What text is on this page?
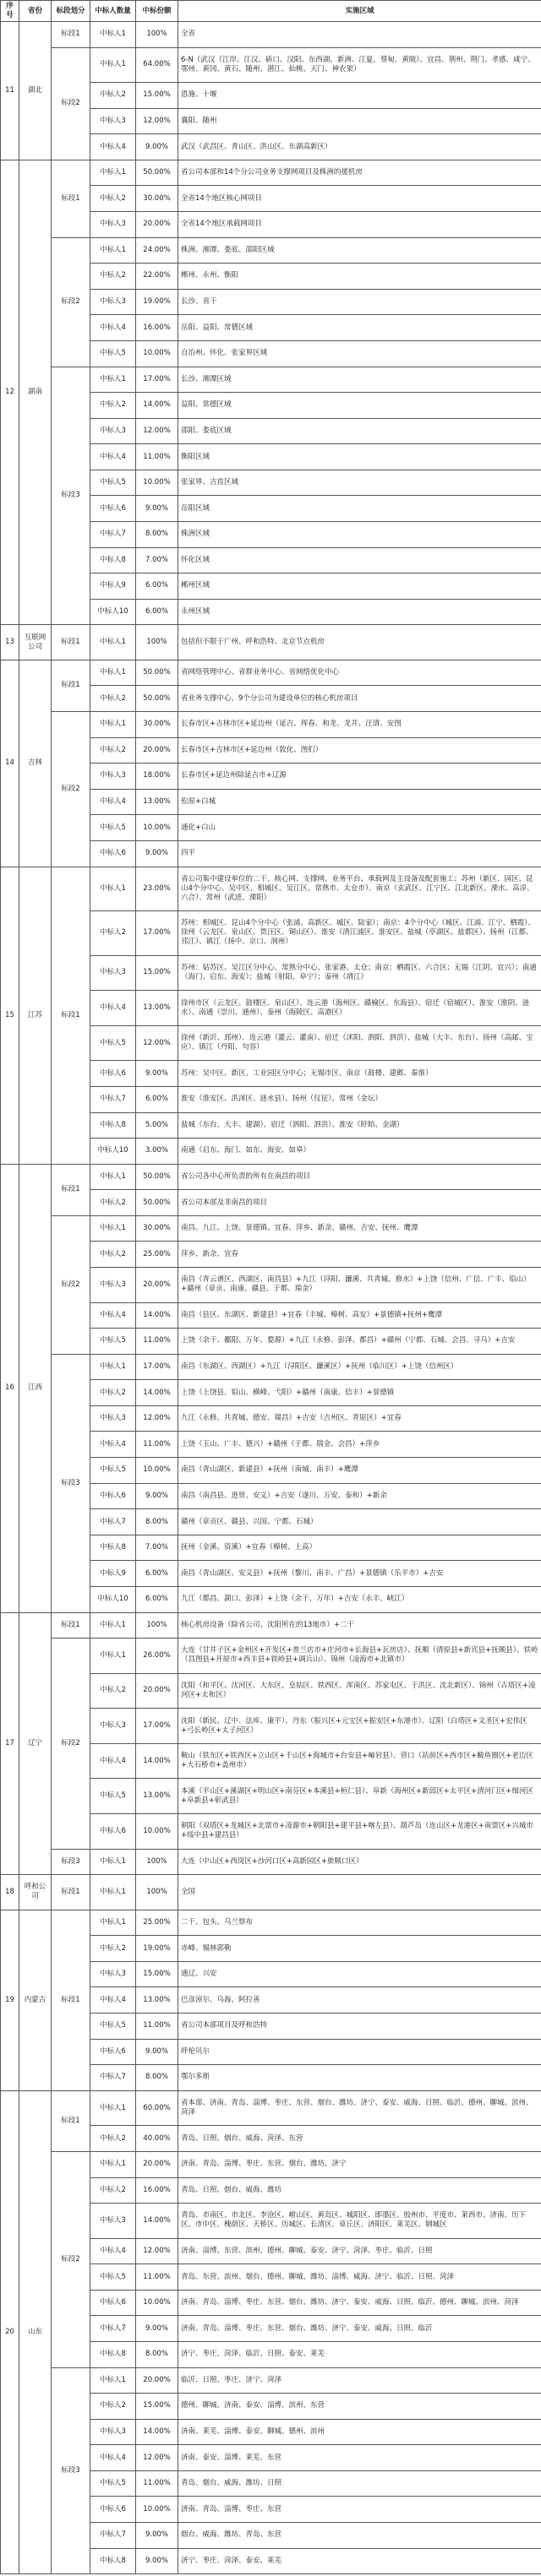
序号	省份	标段划分	中标人数量	中标份额	实施区域
11	湖北	标段1	中标人1	100%	全省
		标段2	中标人1	64.00%	6-N（武汉（江岸、江汉、硚口、汉阳、东西湖、新洲、江夏、蔡甸、黄陂）、宜昌、荆州、荆门、孝感、咸宁、鄂州、黄冈、黄石、随州、潜江、仙桃、天门、神农架）
			中标人2	15.00%	恩施、十堰
			中标人3	12.00%	襄阳、随州
			中标人4	9.00%	武汉（武昌区、青山区、洪山区、东湖高新区）
12	湖南	标段1	中标人1	50.00%	省公司本部和14个分公司业务支撑网项目及株洲的援机房
			中标人2	30.00%	全省14个地区核心网项目
			中标人3	20.00%	全省14个地区承载网项目
		标段2	中标人1	24.00%	株洲、湘潭、娄底、邵阳区域
			中标人2	22.00%	郴州、永州、衡阳
			中标人3	19.00%	长沙、省干
			中标人4	16.00%	岳阳、益阳、常德区域
			中标人5	10.00%	自治州、怀化、张家界区域
		标段3	中标人1	17.00%	长沙、湘潭区域
			中标人2	14.00%	益阳、常德区域
			中标人3	12.00%	邵阳、娄底区域
			中标人4	11.00%	衡阳区域
			中标人5	10.00%	张家界、吉首区域
			中标人6	9.00%	岳阳区域
			中标人7	8.00%	株洲区域
			中标人8	7.00%	怀化区域
			中标人9	6.00%	郴州区域
			中标人10	6.00%	永州区域
13	互联网公司	标段1	中标人1	100%	包括但不限于广州、呼和浩特、北京节点机房
14	吉林	标段1	中标人1	50.00%	省网络管理中心、省群业务中心、省网络优化中心
			中标人2	50.00%	省业务支撑中心，9个分公司为建设单位的核心机房项目
		标段2	中标人1	30.00%	长春市区+吉林市区+延边州（延吉、珲春、和龙、龙井、汪清、安图
			中标人2	20.00%	长春市区+吉林市区+延边州（敦化、图们）
			中标人3	18.00%	长春市区+延边州除延吉市+辽源
			中标人4	13.00%	松原+白城
			中标人5	10.00%	通化+白山
			中标人6	9.00%	四平
15	江苏	标段1	中标人1	23.00%	省公司集中建设单位的二干、核心网、支撑网、业务平台、承载网及主设备及配套施工；苏州（新区、园区、昆山4个分中心、吴中区、相城区、吴江区、常熟市、太仓市）、南京（玄武区、江宁区、江北新区、溧水、高淳、六合）、常州（武进、溧阳）
			中标人2	17.00%	苏州：相城区、昆山4个分中心（张浦、高新区、城区、陆家）；南京：4个分中心（城区、江浦、江宁、栖霞）、徐州（云龙区、泉山区、贾汪区、铜山区）、淮安（清江浦区、淮安区、盐城（亭湖区、盐都区）、扬州（江都、邗江）、镇江（扬中、京口、润州）
			中标人3	15.00%	苏州：姑苏区、吴江区分中心、常熟分中心、张家港、太仓；南京：栖霞区、六合区；无锡（江阴、宜兴）；南通（海门、启东、海安）；盐城（射阳、阜宁）；泰州（靖江）
			中标人4	13.00%	徐州市区（云龙区、鼓楼区、泉山区）、连云港（海州区、赣榆区、东海县）、宿迁（宿城区）、淮安（淮阴、涟水）、南通（崇川、通州）、泰州（海陵区、高港区）
			中标人5	12.00%	徐州（新沂、邳州）、连云港（灌云、灌南）、宿迁（沭阳、泗阳、泗洪）、盐城（大丰、东台）、扬州（高邮、宝应）、镇江（丹阳、句容）
			中标人6	9.00%	苏州：吴中区、新区、工业园区分中心；无锡市区、南京（鼓楼、建邺、秦淮）
			中标人7	6.00%	淮安（淮安区、洪泽区、涟水县）、扬州（仪征）、常州（金坛）
			中标人8	5.00%	盐城（东台、大丰、建湖）、宿迁（泗阳、泗洪）、淮安（盱眙、金湖）
			中标人10	3.00%	南通（启东、海门、如东、海安、如皋）
16	江西	标段1	中标人1	50.00%	省公司各中心所负责的所有在南昌的项目
			中标人2	50.00%	省公司本部及非南昌的项目
		标段2	中标人1	30.00%	南昌、九江、上饶、景德镇、宜春、萍乡、新余、赣州、吉安、抚州、鹰潭
			中标人2	25.00%	萍乡、新余、宜春
			中标人3	20.00%	南昌（青云谱区、西湖区、南昌县）+九江（浔阳、濂溪、共青城、修水）+上饶（信州、广信、广丰、铅山）+赣州（章贡、南康、赣县、于都、瑞金）
			中标人4	14.00%	南昌（县区、东湖区、新建县）+宜春（丰城、樟树、高安）+景德镇+抚州+鹰潭
			中标人5	11.00%	上饶（余干、鄱阳、万年、婺源）+九江（永修、彭泽、都昌）+赣州（宁都、石城、会昌、寻乌）+吉安
		标段3	中标人1	17.00%	南昌（东湖区、西湖区）+九江（浔阳区、濂溪区）+抚州（临川区）+上饶（信州区）
			中标人2	14.00%	上饶（上饶县、铅山、横峰、弋阳）+赣州（南康、信丰）+景德镇
			中标人3	12.00%	九江（永修、共青城、德安、瑞昌）+吉安（吉州区、青原区）+宜春
			中标人4	11.00%	上饶（玉山、广丰、德兴）+赣州（于都、瑞金、会昌）+萍乡
			中标人5	10.00%	南昌（青山湖区、新建县）+抚州（南城、南丰）+鹰潭
			中标人6	9.00%	南昌（南昌县、进贤、安义）+吉安（遂川、万安、泰和）+新余
			中标人7	8.00%	赣州（章贡区、赣县、兴国、宁都、石城）
			中标人8	7.00%	抚州（金溪、资溪）+宜春（樟树、上高）
			中标人9	6.00%	南昌（青山湖区、安义县）+抚州（黎川、南丰、广昌）+景德镇（乐平市）+吉安
			中标人10	6.00%	九江（都昌、湖口、彭泽）+上饶（余干、万年）+吉安（永丰、峡江）
17	辽宁	标段1	中标人1	100%	核心机房设备（除省公司、沈阳所在的13地市）+二干
		标段2	中标人1	26.00%	大连（甘井子区+金州区+开发区+普兰店市+庄河市+长海县+瓦房店）、抚顺（清原县+新宾县+抚顺县）、铁岭（昌图县+开原市+西丰县+铁岭县+调兵山）、锦州（凌海市+北镇市）
			中标人2	20.00%	沈阳（和平区、沈河区、大东区、皇姑区、铁西区、浑南区、苏家屯区、于洪区、沈北新区）、锦州（古塔区+凌河区+太和区）
			中标人3	17.00%	沈阳（新民、辽中、法库、康平）、丹东（振兴区+元宝区+振安区+东港市）、辽阳（白塔区+文圣区+宏伟区+弓长岭区+太子河区）
			中标人4	14.00%	鞍山（铁东区+铁西区+立山区+千山区+海城市+台安县+岫岩县）、营口（站前区+西市区+鲅鱼圈区+老边区+大石桥市+盖州市）
			中标人5	13.00%	本溪（平山区+溪湖区+明山区+南芬区+本溪县+桓仁县）、阜新（海州区+新邱区+太平区+清河门区+细河区+阜新县+彰武县）
			中标人6	10.00%	朝阳（双塔区+龙城区+北票市+凌源市+朝阳县+建平县+喀左县）、葫芦岛（连山区+龙港区+南票区+兴城市+绥中县+建昌县）
		标段3	中标人1	100%	大连（中山区+西岗区+沙河口区+高新园区+旅顺口区）
18	呼和公司	标段1	中标人1	100%	全国
19	内蒙古	标段1	中标人1	25.00%	二干、包头、乌兰察布
			中标人2	19.00%	赤峰、锡林郭勒
			中标人3	15.00%	通辽、兴安
			中标人4	13.00%	巴彦淖尔、乌海、阿拉善
			中标人5	11.00%	省公司本部项目及呼和浩特
			中标人6	9.00%	呼伦贝尔
			中标人7	8.00%	鄂尔多斯
20	山东	标段1	中标人1	60.00%	省本部、济南、青岛、淄博、枣庄、东营、烟台、潍坊、济宁、泰安、威海、日照、临沂、德州、聊城、滨州、菏泽
			中标人2	40.00%	青岛、日照、烟台、威海、菏泽、东营
		标段2	中标人1	20.00%	济南、青岛、淄博、枣庄、东营、烟台、潍坊、济宁
			中标人2	16.00%	青岛、日照、烟台、威海、潍坊
			中标人3	14.00%	青岛、市南区、市北区、李沧区、崂山区、黄岛区、城阳区、即墨区、胶州市、平度市、莱西市、济南、历下区、市中区、槐荫区、天桥区、历城区、长清区、章丘区、济阳区、莱芜区、钢城区
			中标人4	12.00%	济南、淄博、东营、滨州、德州、聊城、泰安、济宁、菏泽、枣庄、临沂、日照
			中标人5	11.00%	青岛、东营、滨州、烟台、德州、聊城、潍坊、淄博、威海、济宁、临沂、日照、菏泽
			中标人6	10.00%	济南、青岛、淄博、枣庄、东营、烟台、潍坊、济宁、泰安、威海、日照、临沂、德州、聊城、滨州、菏泽
			中标人7	9.00%	济南、青岛、淄博、枣庄、东营、烟台、潍坊、济宁、泰安、威海、日照、临沂
			中标人8	8.00%	济宁、枣庄、菏泽、临沂、日照、泰安、莱芜
		标段3	中标人1	20.00%	临沂、日照、枣庄、济宁、菏泽
			中标人2	15.00%	德州、聊城、济南、泰安、淄博、滨州、东营
			中标人3	14.00%	济南、莱芜、淄博、泰安、聊城、德州、滨州
			中标人4	12.00%	济南、泰安、淄博、莱芜、东营
			中标人5	11.00%	青岛、烟台、威海、潍坊、日照
			中标人6	10.00%	济南、青岛、淄博、枣庄、东营
			中标人7	9.00%	烟台、威海、潍坊、青岛、东营
			中标人8	9.00%	济宁、枣庄、菏泽、泰安、莱芜
